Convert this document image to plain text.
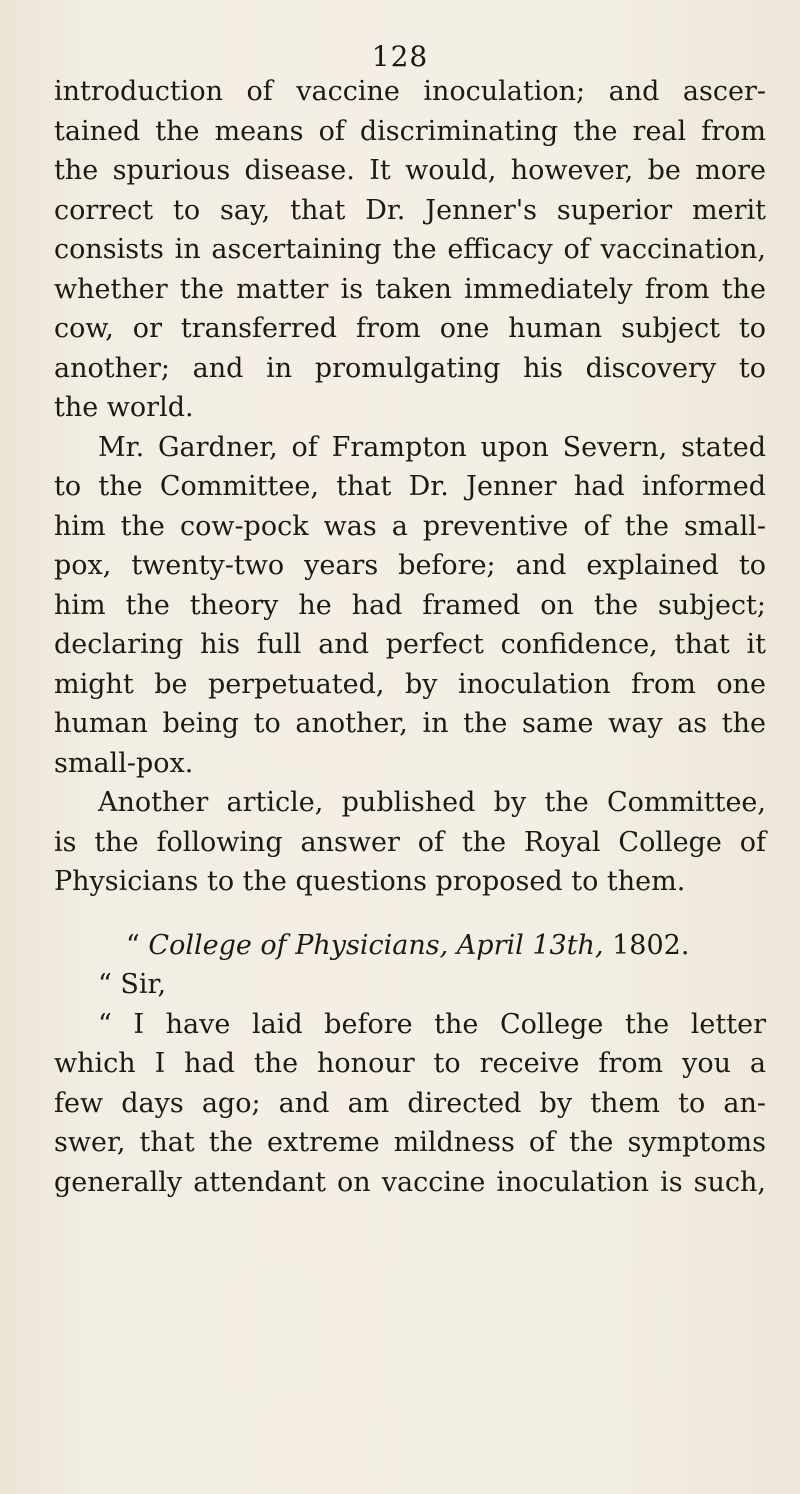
128
introduction of vaccine inoculation; and ascer-
tained the means of discriminating the real from
the spurious disease. It would, however, be more
correct to say, that Dr. Jenner's superior merit
consists in ascertaining the efficacy of vaccination,
whether the matter is taken immediately from the
cow, or transferred from one human subject to
another; and in promulgating his discovery to
the world.
Mr. Gardner, of Frampton upon Severn, stated
to the Committee, that Dr. Jenner had informed
him the cow-pock was a preventive of the small-
pox, twenty-two years before; and explained to
him the theory he had framed on the subject;
declaring his full and perfect confidence, that it
might be perpetuated, by inoculation from one
human being to another, in the same way as the
small-pox.
Another article, published by the Committee,
is the following answer of the Royal College of
Physicians to the questions proposed to them.
“ College of Physicians, April 13th, 1802.
“ Sir,
“ I have laid before the College the letter
which I had the honour to receive from you a
few days ago; and am directed by them to an-
swer, that the extreme mildness of the symptoms
generally attendant on vaccine inoculation is such,
